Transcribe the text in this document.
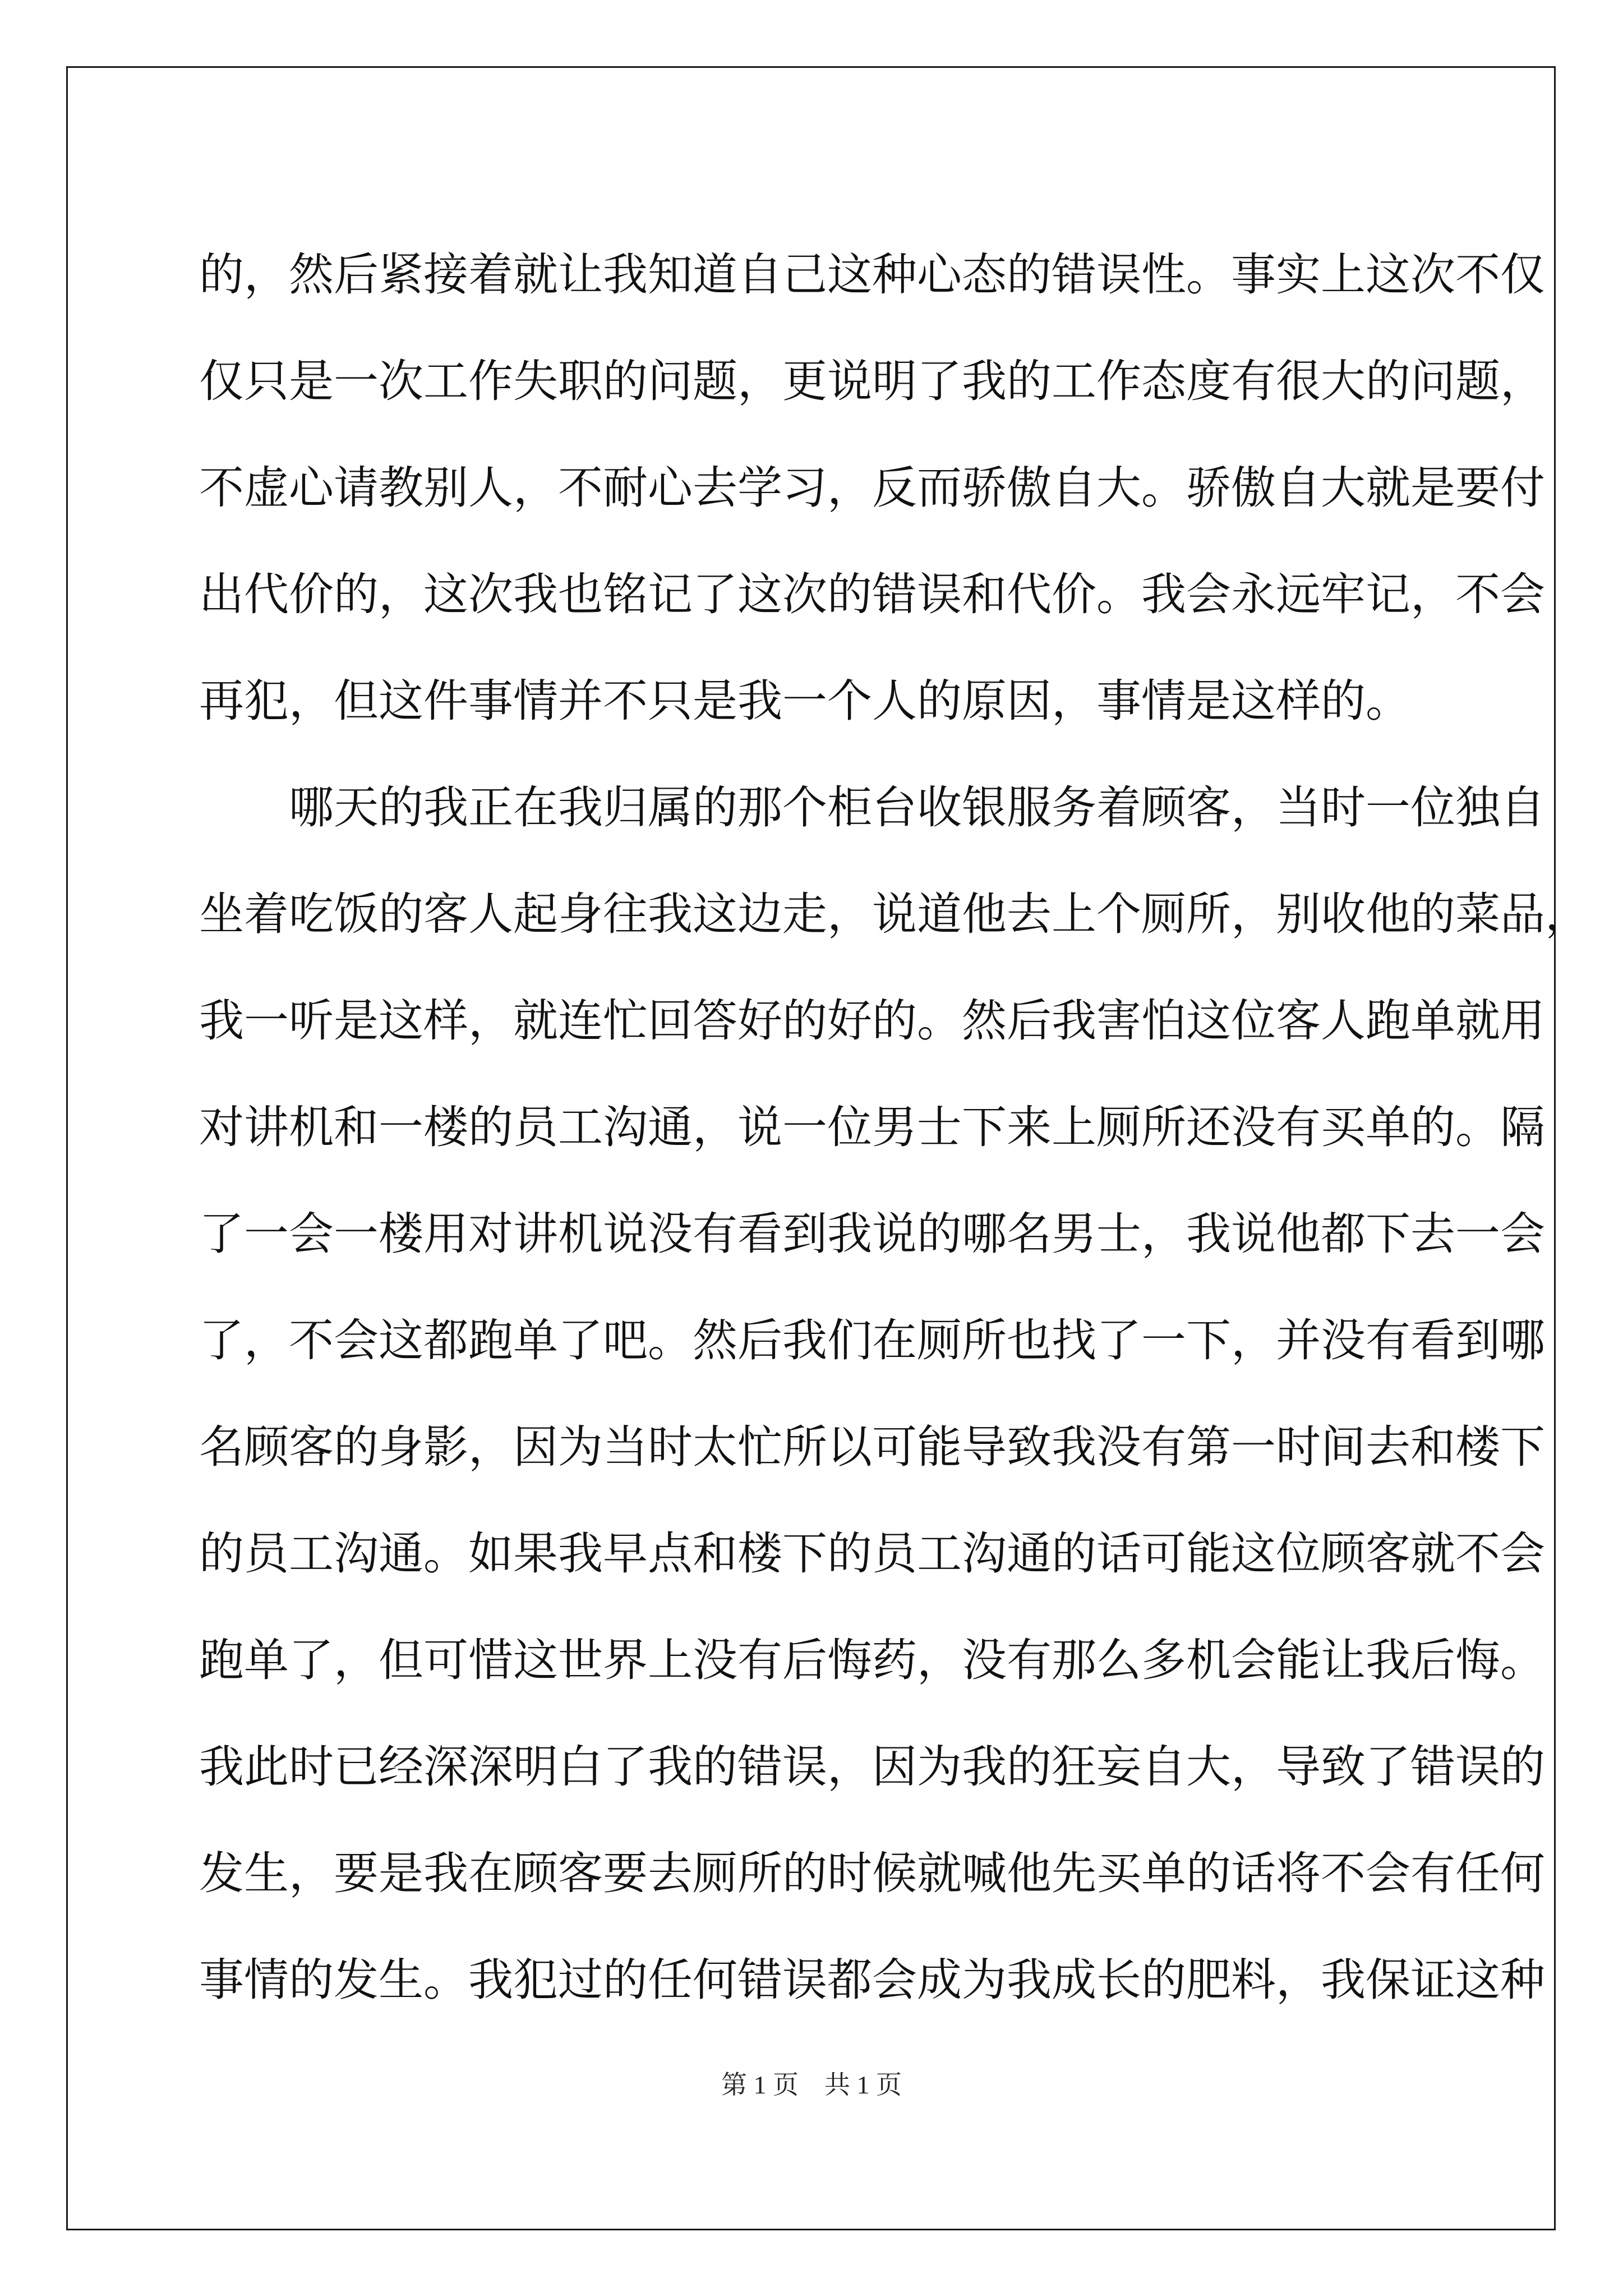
的，然后紧接着就让我知道自己这种心态的错误性。事实上这次不仅
仅只是一次工作失职的问题，更说明了我的工作态度有很大的问题，
不虚心请教别人，不耐心去学习，反而骄傲自大。骄傲自大就是要付
出代价的，这次我也铭记了这次的错误和代价。我会永远牢记，不会
再犯，但这件事情并不只是我一个人的原因，事情是这样的。
哪天的我正在我归属的那个柜台收银服务着顾客，当时一位独自
坐着吃饭的客人起身往我这边走，说道他去上个厕所，别收他的菜品，
我一听是这样，就连忙回答好的好的。然后我害怕这位客人跑单就用
对讲机和一楼的员工沟通，说一位男士下来上厕所还没有买单的。隔
了一会一楼用对讲机说没有看到我说的哪名男士，我说他都下去一会
了，不会这都跑单了吧。然后我们在厕所也找了一下，并没有看到哪
名顾客的身影，因为当时太忙所以可能导致我没有第一时间去和楼下
的员工沟通。如果我早点和楼下的员工沟通的话可能这位顾客就不会
跑单了，但可惜这世界上没有后悔药，没有那么多机会能让我后悔。
我此时已经深深明白了我的错误，因为我的狂妄自大，导致了错误的
发生，要是我在顾客要去厕所的时候就喊他先买单的话将不会有任何
事情的发生。我犯过的任何错误都会成为我成长的肥料，我保证这种
第 1 页　共 1 页
